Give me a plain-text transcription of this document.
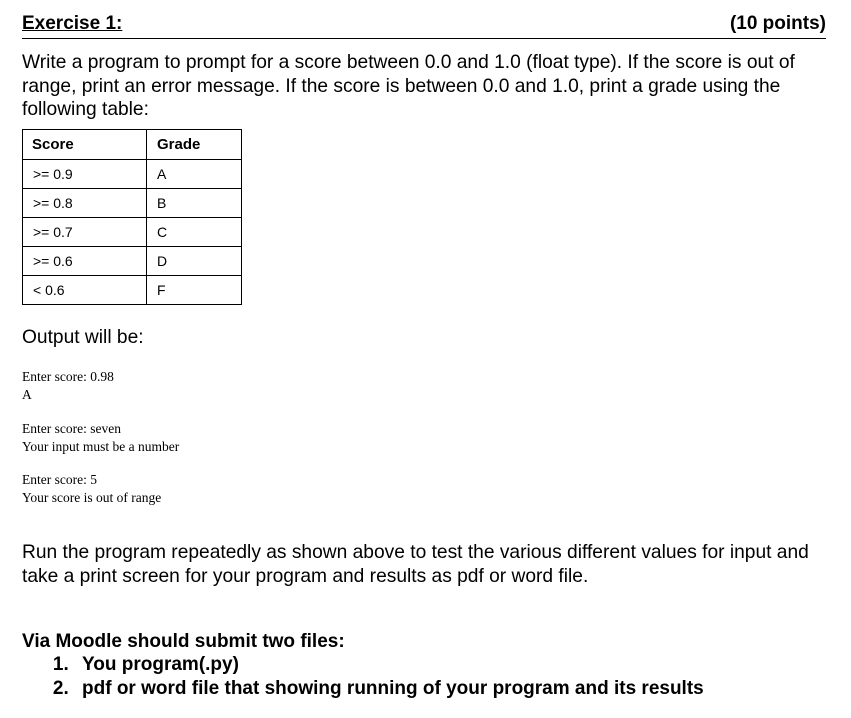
Exercise 1:	(10 points)
Write a program to prompt for a score between 0.0 and 1.0 (float type). If the score is out of range, print an error message. If the score is between 0.0 and 1.0, print a grade using the following table:
Score	Grade
>= 0.9	A
>= 0.8	B
>= 0.7	C
>= 0.6	D
< 0.6	F
Output will be:
Enter score: 0.98
A
Enter score: seven
Your input must be a number
Enter score: 5
Your score is out of range
Run the program repeatedly as shown above to test the various different values for input and take a print screen for your program and results as pdf or word file.
Via Moodle should submit two files:
1. You program(.py)
2. pdf or word file that showing running of your program and its results
